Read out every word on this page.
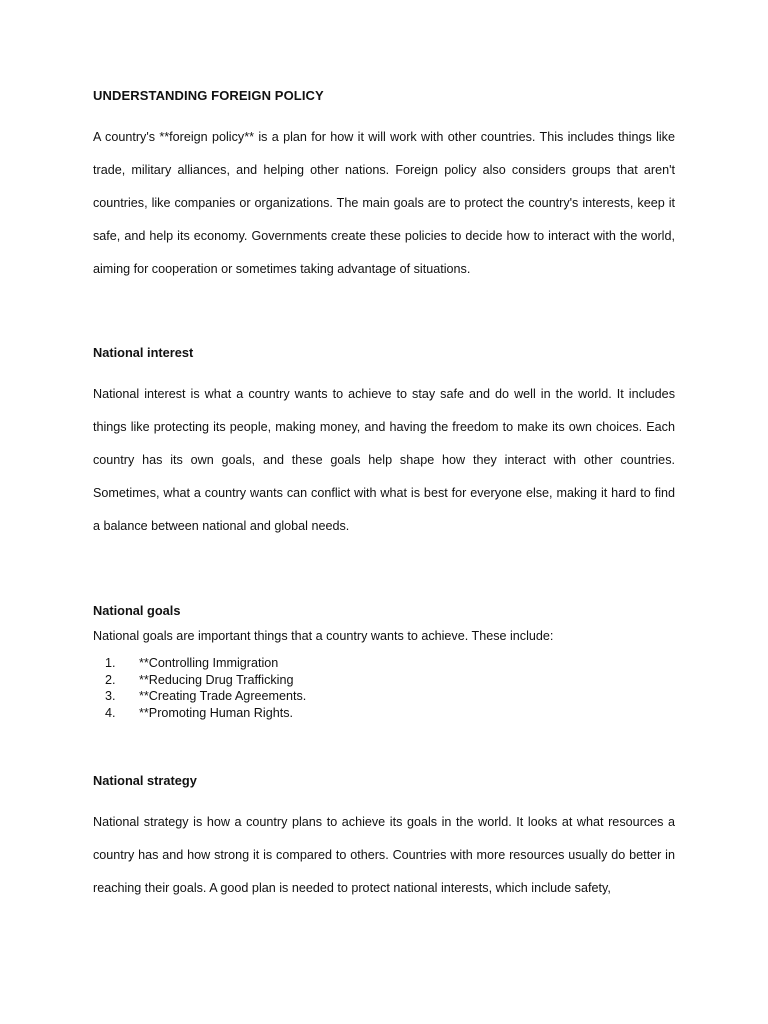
UNDERSTANDING FOREIGN POLICY

A country's **foreign policy** is a plan for how it will work with other countries. This includes things like trade, military alliances, and helping other nations. Foreign policy also considers groups that aren't countries, like companies or organizations. The main goals are to protect the country's interests, keep it safe, and help its economy. Governments create these policies to decide how to interact with the world, aiming for cooperation or sometimes taking advantage of situations.

National interest

National interest is what a country wants to achieve to stay safe and do well in the world. It includes things like protecting its people, making money, and having the freedom to make its own choices. Each country has its own goals, and these goals help shape how they interact with other countries. Sometimes, what a country wants can conflict with what is best for everyone else, making it hard to find a balance between national and global needs.

National goals

National goals are important things that a country wants to achieve. These include:

1.	**Controlling Immigration
2.	**Reducing Drug Trafficking
3.	**Creating Trade Agreements.
4.	**Promoting Human Rights.
National strategy

National strategy is how a country plans to achieve its goals in the world. It looks at what resources a country has and how strong it is compared to others. Countries with more resources usually do better in reaching their goals. A good plan is needed to protect national interests, which include safety,
